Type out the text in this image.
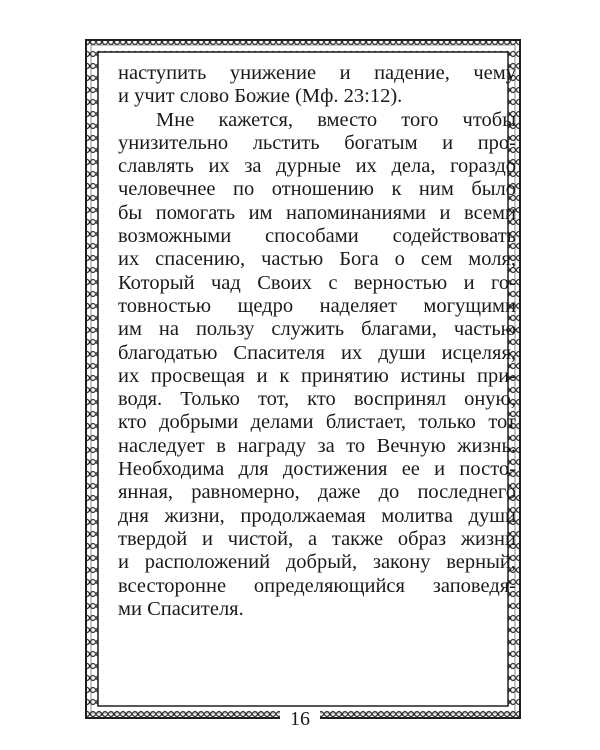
наступить унижение и падение, чему
и учит слово Божие (Мф. 23:12).
Мне кажется, вместо того чтобы
унизительно льстить богатым и про-
славлять их за дурные их дела, гораздо
человечнее по отношению к ним было
бы помогать им напоминаниями и всеми
возможными способами содействовать
их спасению, частью Бога о сем моля,
Который чад Своих с верностью и го-
товностью щедро наделяет могущими
им на пользу служить благами, частью
благодатью Спасителя их души исцеляя,
их просвещая и к принятию истины при-
водя. Только тот, кто воспринял оную,
кто добрыми делами блистает, только тот
наследует в награду за то Вечную жизнь.
Необходима для достижения ее и посто-
янная, равномерно, даже до последнего
дня жизни, продолжаемая молитва души
твердой и чистой, а также образ жизни
и расположений добрый, закону верный,
всесторонне определяющийся заповедя-
ми Спасителя.
16
